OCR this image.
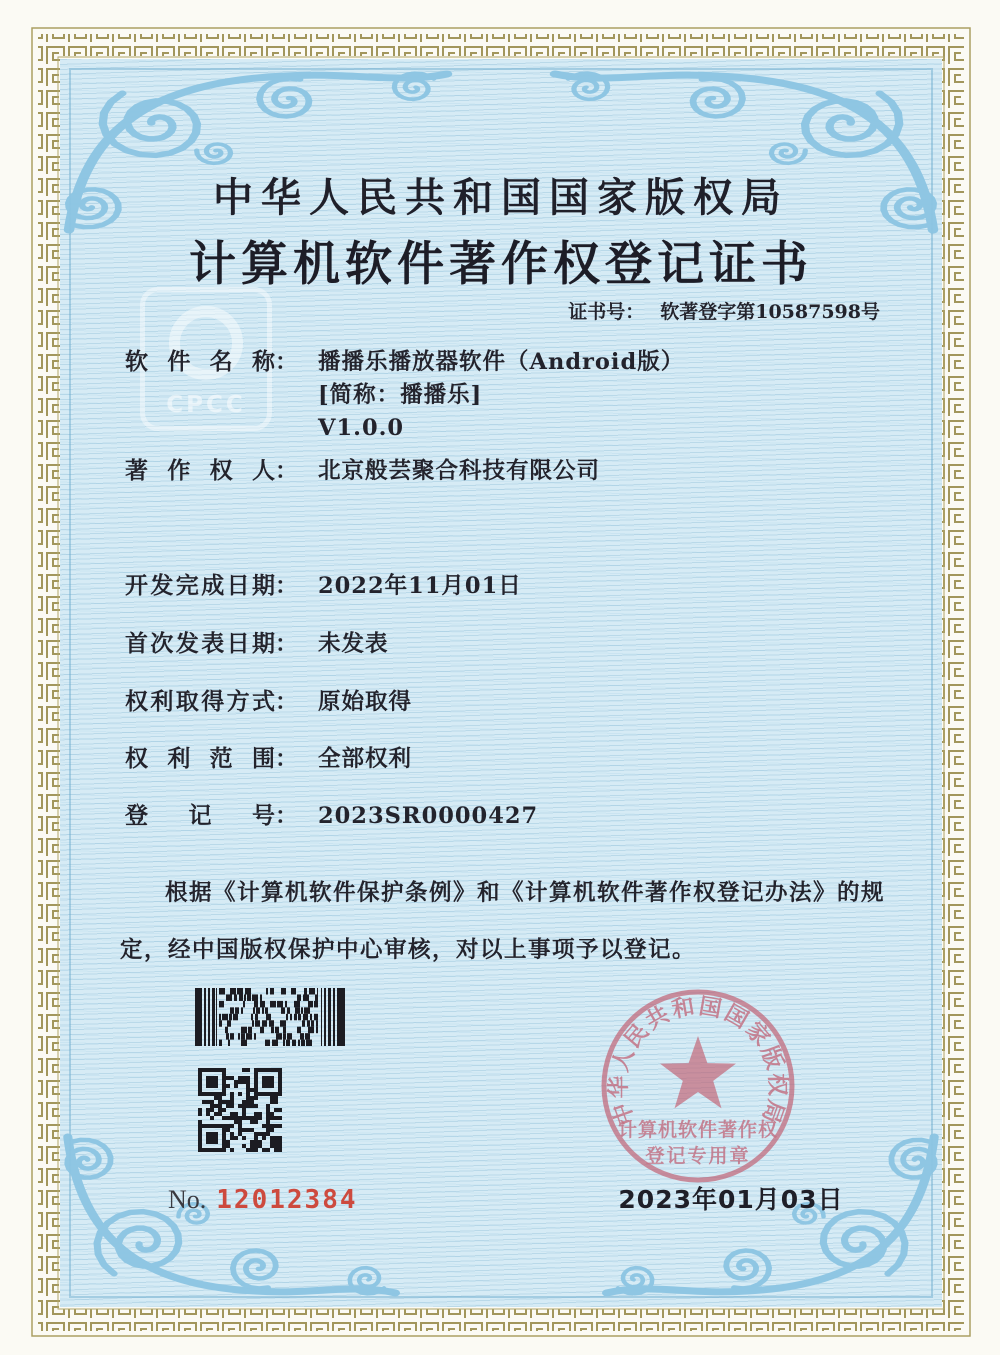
CPCC
中华人民共和国国家版权局
计算机软件著作权登记证书
证书号： 软著登字第10587598号
软件名称 ： 播播乐播放器软件（Android版）
[简称：播播乐]
V1.0.0
著作权人 ： 北京般芸聚合科技有限公司
开发完成日期 ： 2022年11月01日
首次发表日期 ： 未发表
权利取得方式 ： 原始取得
权利范围 ： 全部权利
登记号 ： 2023SR0000427
根据《计算机软件保护条例》和《计算机软件著作权登记办法》的规定，经中国版权保护中心审核，对以上事项予以登记。
No. 12012384
中华人民共和国国家版权局
计算机软件著作权
登记专用章
2023年01月03日
